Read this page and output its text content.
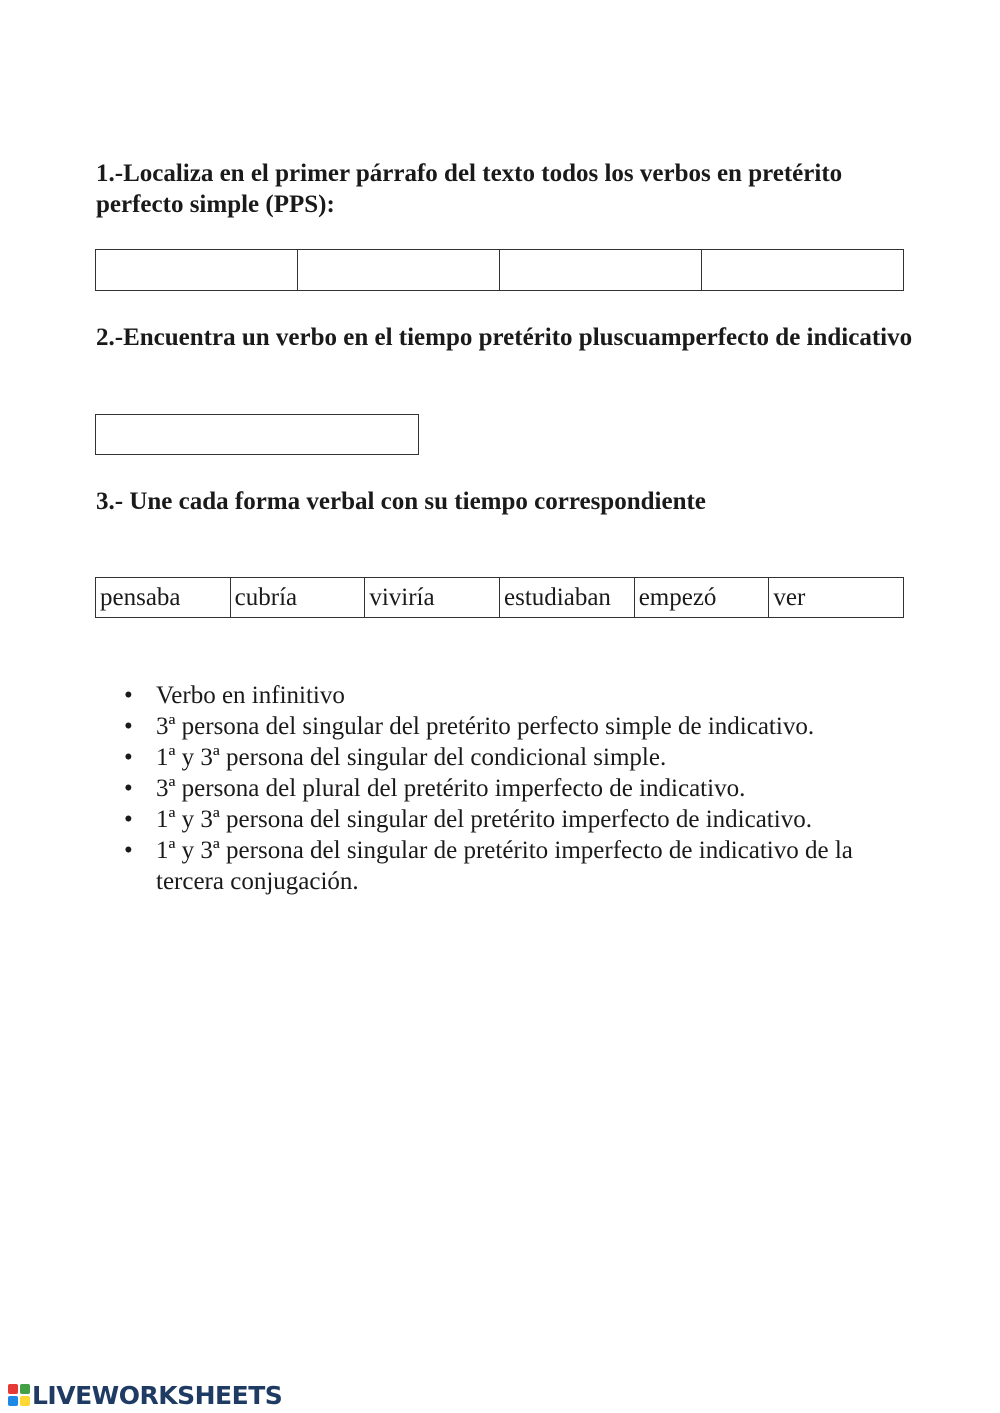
1.-Localiza en el primer párrafo del texto todos los verbos en pretérito perfecto simple (PPS):

2.-Encuentra un verbo en el tiempo pretérito pluscuamperfecto de indicativo

3.- Une cada forma verbal con su tiempo correspondiente

pensaba	cubría	viviría	estudiaban	empezó	ver
• Verbo en infinitivo
• 3ª persona del singular del pretérito perfecto simple de indicativo.
• 1ª y 3ª persona del singular del condicional simple.
• 3ª persona del plural del pretérito imperfecto de indicativo.
• 1ª y 3ª persona del singular del pretérito imperfecto de indicativo.
• 1ª y 3ª persona del singular de pretérito imperfecto de indicativo de la tercera conjugación.
LIVEWORKSHEETS
